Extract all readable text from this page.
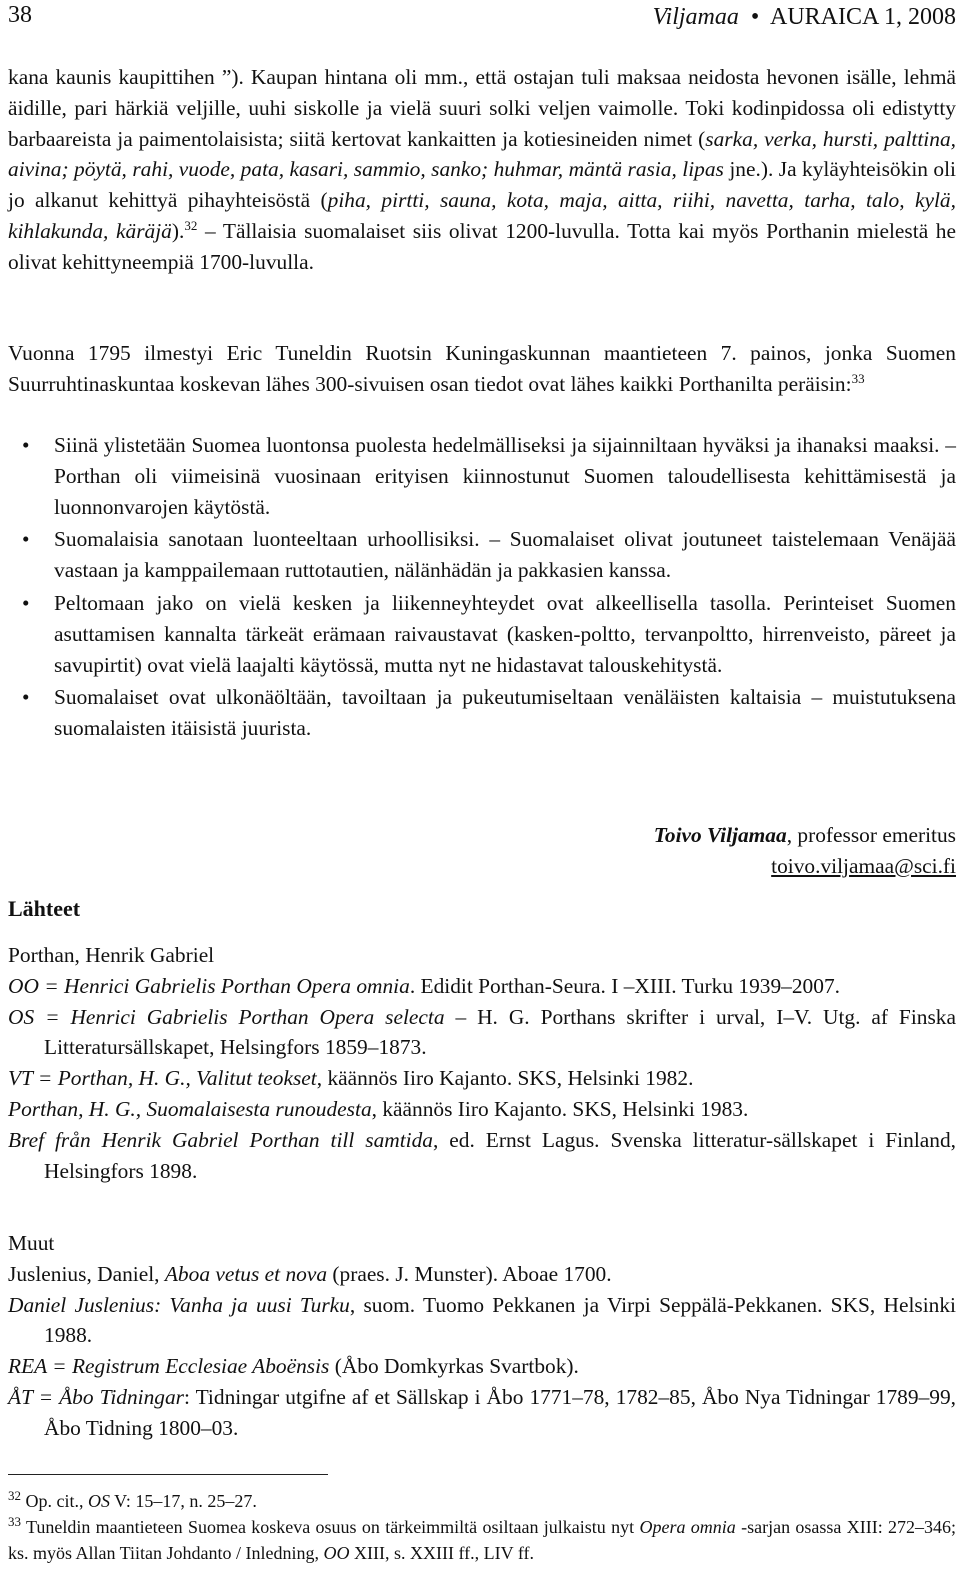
38	Viljamaa • AURAICA 1, 2008
kana kaunis kaupittihen ”). Kaupan hintana oli mm., että ostajan tuli maksaa neidosta hevonen isälle, lehmä äidille, pari härkiä veljille, uuhi siskolle ja vielä suuri solki veljen vaimolle. Toki kodinpidossa oli edistytty barbaareista ja paimentolaisista; siitä kertovat kankaitten ja kotiesineiden nimet (sarka, verka, hursti, palttina, aivina; pöytä, rahi, vuode, pata, kasari, sammio, sanko; huhmar, mäntä rasia, lipas jne.). Ja kyläyhteisökin oli jo alkanut kehittyä pihayhteisöstä (piha, pirtti, sauna, kota, maja, aitta, riihi, navetta, tarha, talo, kylä, kihlakunda, käräjä).$^{32}$ – Tällaisia suomalaiset siis olivat 1200-luvulla. Totta kai myös Porthanin mielestä he olivat kehittyneempiä 1700-luvulla.
Vuonna 1795 ilmestyi Eric Tuneldin Ruotsin Kuningaskunnan maantieteen 7. painos, jonka Suomen Suurruhtinaskuntaa koskevan lähes 300-sivuisen osan tiedot ovat lähes kaikki Porthanilta peräisin:$^{33}$
• Siinä ylistetään Suomea luontonsa puolesta hedelmälliseksi ja sijainniltaan hyväksi ja ihanaksi maaksi. – Porthan oli viimeisinä vuosinaan erityisen kiinnostunut Suomen taloudellisesta kehittämisestä ja luonnonvarojen käytöstä.
• Suomalaisia sanotaan luonteeltaan urhoollisiksi. – Suomalaiset olivat joutuneet taistelemaan Venäjää vastaan ja kamppailemaan ruttotautien, nälänhädän ja pakkasien kanssa.
• Peltomaan jako on vielä kesken ja liikenneyhteydet ovat alkeellisella tasolla. Perinteiset Suomen asuttamisen kannalta tärkeät erämaan raivaustavat (kasken-poltto, tervanpoltto, hirrenveisto, päreet ja savupirtit) ovat vielä laajalti käytössä, mutta nyt ne hidastavat talouskehitystä.
• Suomalaiset ovat ulkonäöltään, tavoiltaan ja pukeutumiseltaan venäläisten kaltaisia – muistutuksena suomalaisten itäisistä juurista.
Toivo Viljamaa, professor emeritus
toivo.viljamaa@sci.fi
Lähteet
Porthan, Henrik Gabriel
OO = Henrici Gabrielis Porthan Opera omnia. Edidit Porthan-Seura. I –XIII. Turku 1939–2007.
OS = Henrici Gabrielis Porthan Opera selecta – H. G. Porthans skrifter i urval, I–V. Utg. af Finska Litteratursällskapet, Helsingfors 1859–1873.
VT = Porthan, H. G., Valitut teokset, käännös Iiro Kajanto. SKS, Helsinki 1982.
Porthan, H. G., Suomalaisesta runoudesta, käännös Iiro Kajanto. SKS, Helsinki 1983.
Bref från Henrik Gabriel Porthan till samtida, ed. Ernst Lagus. Svenska litteratur-sällskapet i Finland, Helsingfors 1898.
Muut
Juslenius, Daniel, Aboa vetus et nova (praes. J. Munster). Aboae 1700.
Daniel Juslenius: Vanha ja uusi Turku, suom. Tuomo Pekkanen ja Virpi Seppälä-Pekkanen. SKS, Helsinki 1988.
REA = Registrum Ecclesiae Aboënsis (Åbo Domkyrkas Svartbok).
ÅT = Åbo Tidningar: Tidningar utgifne af et Sällskap i Åbo 1771–78, 1782–85, Åbo Nya Tidningar 1789–99, Åbo Tidning 1800–03.
$^{32}$ Op. cit., OS V: 15–17, n. 25–27.
$^{33}$ Tuneldin maantieteen Suomea koskeva osuus on tärkeimmiltä osiltaan julkaistu nyt Opera omnia -sarjan osassa XIII: 272–346; ks. myös Allan Tiitan Johdanto / Inledning, OO XIII, s. XXIII ff., LIV ff.
